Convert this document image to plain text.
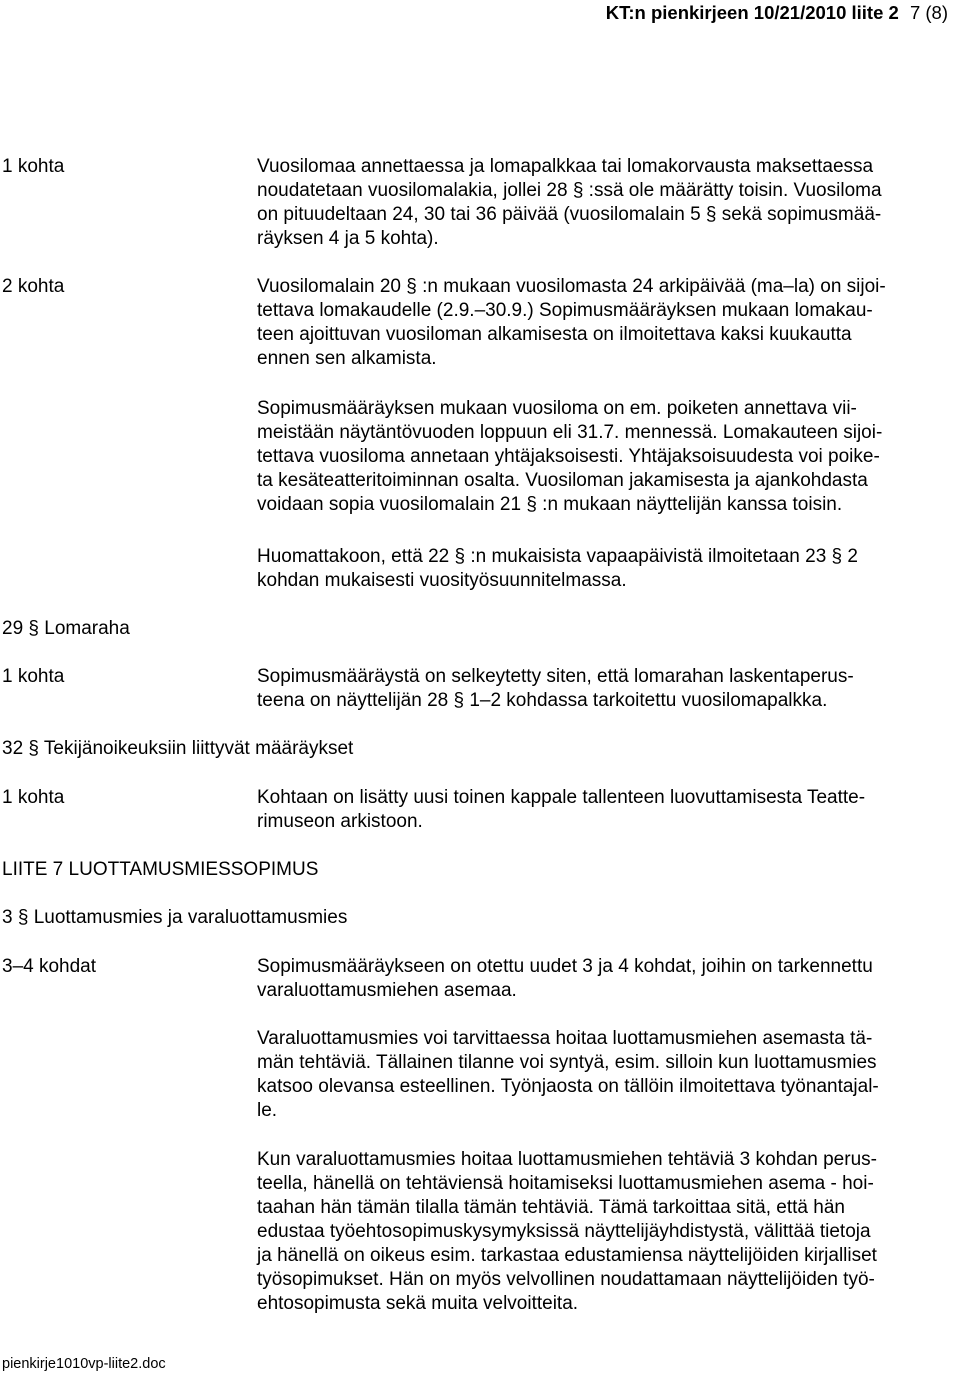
KT:n pienkirjeen 10/21/2010 liite 2 7 (8)
1 kohta	Vuosilomaa annettaessa ja lomapalkkaa tai lomakorvausta maksettaessa
noudatetaan vuosilomalakia, jollei 28 § :ssä ole määrätty toisin. Vuosiloma
on pituudeltaan 24, 30 tai 36 päivää (vuosilomalain 5 § sekä sopimusmää-
räyksen 4 ja 5 kohta).
2 kohta	Vuosilomalain 20 § :n mukaan vuosilomasta 24 arkipäivää (ma–la) on sijoi-
tettava lomakaudelle (2.9.–30.9.) Sopimusmääräyksen mukaan lomakau-
teen ajoittuvan vuosiloman alkamisesta on ilmoitettava kaksi kuukautta
ennen sen alkamista.
Sopimusmääräyksen mukaan vuosiloma on em. poiketen annettava vii-
meistään näytäntövuoden loppuun eli 31.7. mennessä. Lomakauteen sijoi-
tettava vuosiloma annetaan yhtäjaksoisesti. Yhtäjaksoisuudesta voi poike-
ta kesäteatteritoiminnan osalta. Vuosiloman jakamisesta ja ajankohdasta
voidaan sopia vuosilomalain 21 § :n mukaan näyttelijän kanssa toisin.
Huomattakoon, että 22 § :n mukaisista vapaapäivistä ilmoitetaan 23 § 2
kohdan mukaisesti vuosityösuunnitelmassa.
29 § Lomaraha
1 kohta	Sopimusmääräystä on selkeytetty siten, että lomarahan laskentaperus-
teena on näyttelijän 28 § 1–2 kohdassa tarkoitettu vuosilomapalkka.
32 § Tekijänoikeuksiin liittyvät määräykset
1 kohta	Kohtaan on lisätty uusi toinen kappale tallenteen luovuttamisesta Teatte-
rimuseon arkistoon.
LIITE 7 LUOTTAMUSMIESSOPIMUS
3 § Luottamusmies ja varaluottamusmies
3–4 kohdat	Sopimusmääräykseen on otettu uudet 3 ja 4 kohdat, joihin on tarkennettu
varaluottamusmiehen asemaa.
Varaluottamusmies voi tarvittaessa hoitaa luottamusmiehen asemasta tä-
män tehtäviä. Tällainen tilanne voi syntyä, esim. silloin kun luottamusmies
katsoo olevansa esteellinen. Työnjaosta on tällöin ilmoitettava työnantajal-
le.
Kun varaluottamusmies hoitaa luottamusmiehen tehtäviä 3 kohdan perus-
teella, hänellä on tehtäviensä hoitamiseksi luottamusmiehen asema - hoi-
taahan hän tämän tilalla tämän tehtäviä. Tämä tarkoittaa sitä, että hän
edustaa työehtosopimuskysymyksissä näyttelijäyhdistystä, välittää tietoja
ja hänellä on oikeus esim. tarkastaa edustamiensa näyttelijöiden kirjalliset
työsopimukset. Hän on myös velvollinen noudattamaan näyttelijöiden työ-
ehtosopimusta sekä muita velvoitteita.
pienkirje1010vp-liite2.doc
